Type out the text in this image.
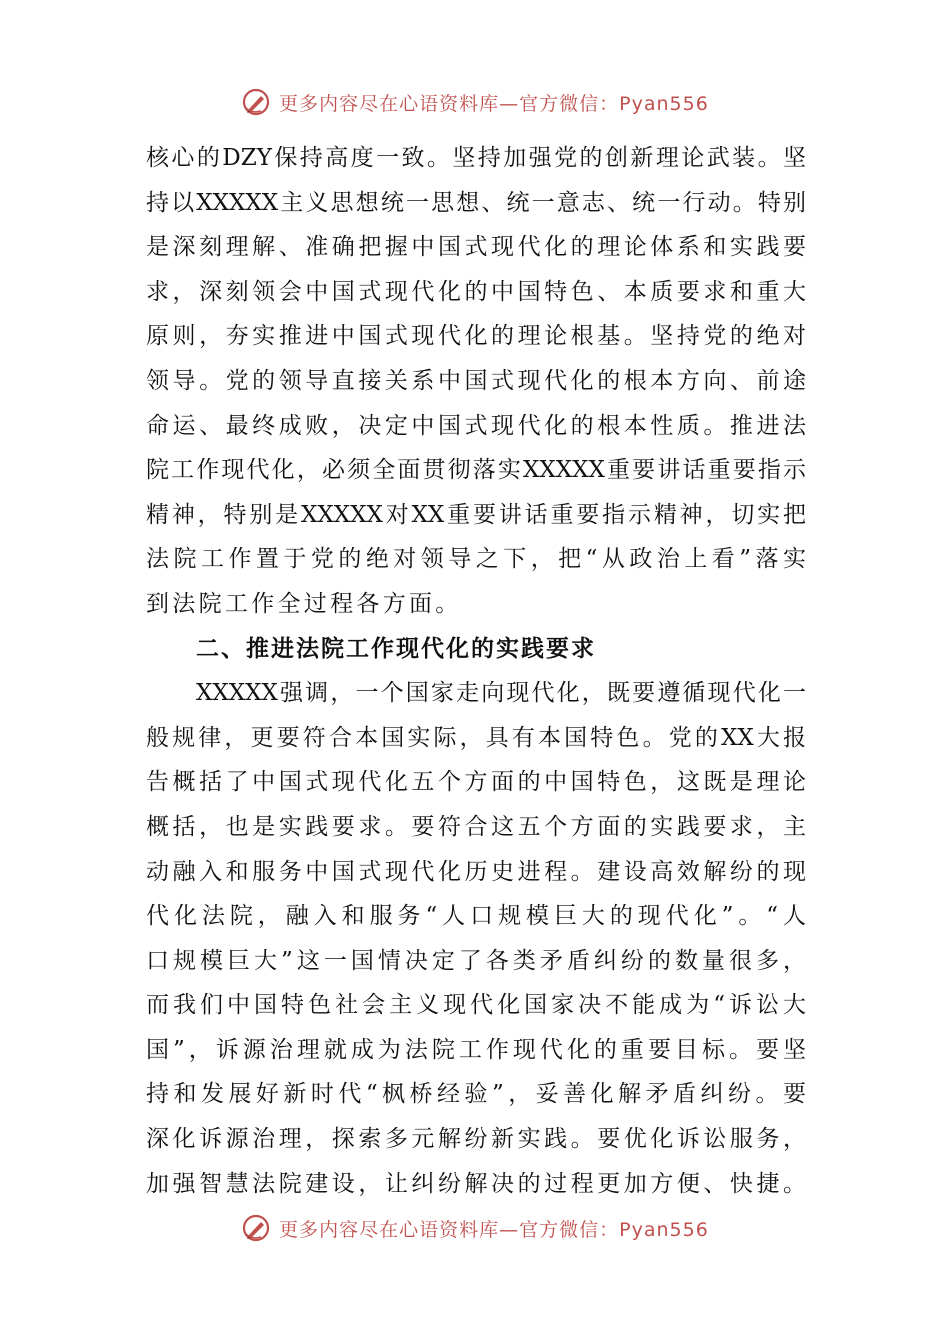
更多内容尽在心语资料库—官方微信：Pyan556
核心的DZY保持高度一致。坚持加强党的创新理论武装。坚
持以XXXXX主义思想统一思想、统一意志、统一行动。特别
是深刻理解、准确把握中国式现代化的理论体系和实践要
求，深刻领会中国式现代化的中国特色、本质要求和重大
原则，夯实推进中国式现代化的理论根基。坚持党的绝对
领导。党的领导直接关系中国式现代化的根本方向、前途
命运、最终成败，决定中国式现代化的根本性质。推进法
院工作现代化，必须全面贯彻落实XXXXX重要讲话重要指示
精神，特别是XXXXX对XX重要讲话重要指示精神，切实把
法院工作置于党的绝对领导之下，把“从政治上看”落实
到法院工作全过程各方面。
二、推进法院工作现代化的实践要求
XXXXX强调，一个国家走向现代化，既要遵循现代化一
般规律，更要符合本国实际，具有本国特色。党的XX大报
告概括了中国式现代化五个方面的中国特色，这既是理论
概括，也是实践要求。要符合这五个方面的实践要求，主
动融入和服务中国式现代化历史进程。建设高效解纷的现
代化法院，融入和服务“人口规模巨大的现代化”。“人
口规模巨大”这一国情决定了各类矛盾纠纷的数量很多，
而我们中国特色社会主义现代化国家决不能成为“诉讼大
国”，诉源治理就成为法院工作现代化的重要目标。要坚
持和发展好新时代“枫桥经验”，妥善化解矛盾纠纷。要
深化诉源治理，探索多元解纷新实践。要优化诉讼服务，
加强智慧法院建设，让纠纷解决的过程更加方便、快捷。
更多内容尽在心语资料库—官方微信：Pyan556
